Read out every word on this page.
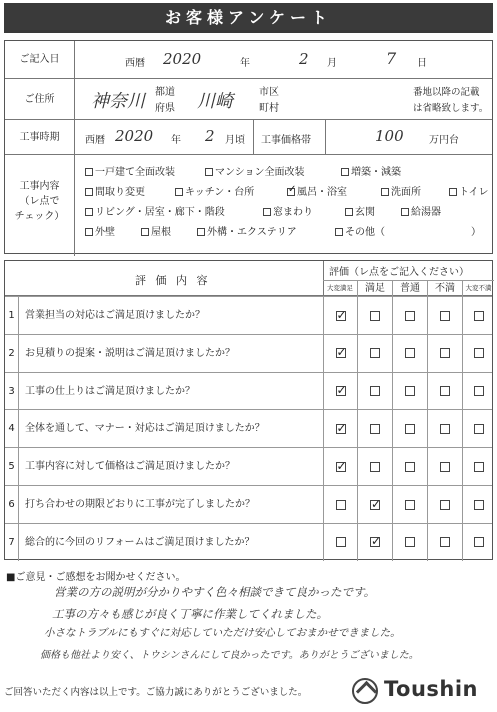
お客様アンケート
ご記入日	西暦 2020	年	2 月	7 日
ご住所	神奈川 都道
府県 川崎	市区
町村
番地以降の記載
は省略致します。
工事時期	西暦 2020 年 2 月頃 工事価格帯	100	万円台
工事内容
（レ点で
チェック）
一戸建て全面改装	マンション全面改装	増築・減築
間取り変更	キッチン・台所
✓	風呂・浴室	洗面所	トイレ
リビング・居室・廊下・階段	窓まわり	玄関	給湯器
外壁	屋根	外構・エクステリア	その他（	）
評 価 内 容
評価（レ点をご記入ください）
大変満足	満足	普通	不満	大変不満
1	営業担当の対応はご満足頂けましたか？
✓
2	お見積りの提案・説明はご満足頂けましたか？
✓
3	工事の仕上りはご満足頂けましたか？
✓
4	全体を通して、マナー・対応はご満足頂けましたか？
✓
5	工事内容に対して価格はご満足頂けましたか？
✓
6	打ち合わせの期限どおりに工事が完了しましたか？
✓
7	総合的に今回のリフォームはご満足頂けましたか？
✓
■ご意見・ご感想をお聞かせください。
営業の方の説明が分かりやすく色々相談できて良かったです。
工事の方々も感じが良く丁寧に作業してくれました。
小さなトラブルにもすぐに対応していただけ安心しておまかせできました。
価格も他社より安く、トウシンさんにして良かったです。ありがとうございました。
ご回答いただく内容は以上です。ご協力誠にありがとうございました。	Toushin
